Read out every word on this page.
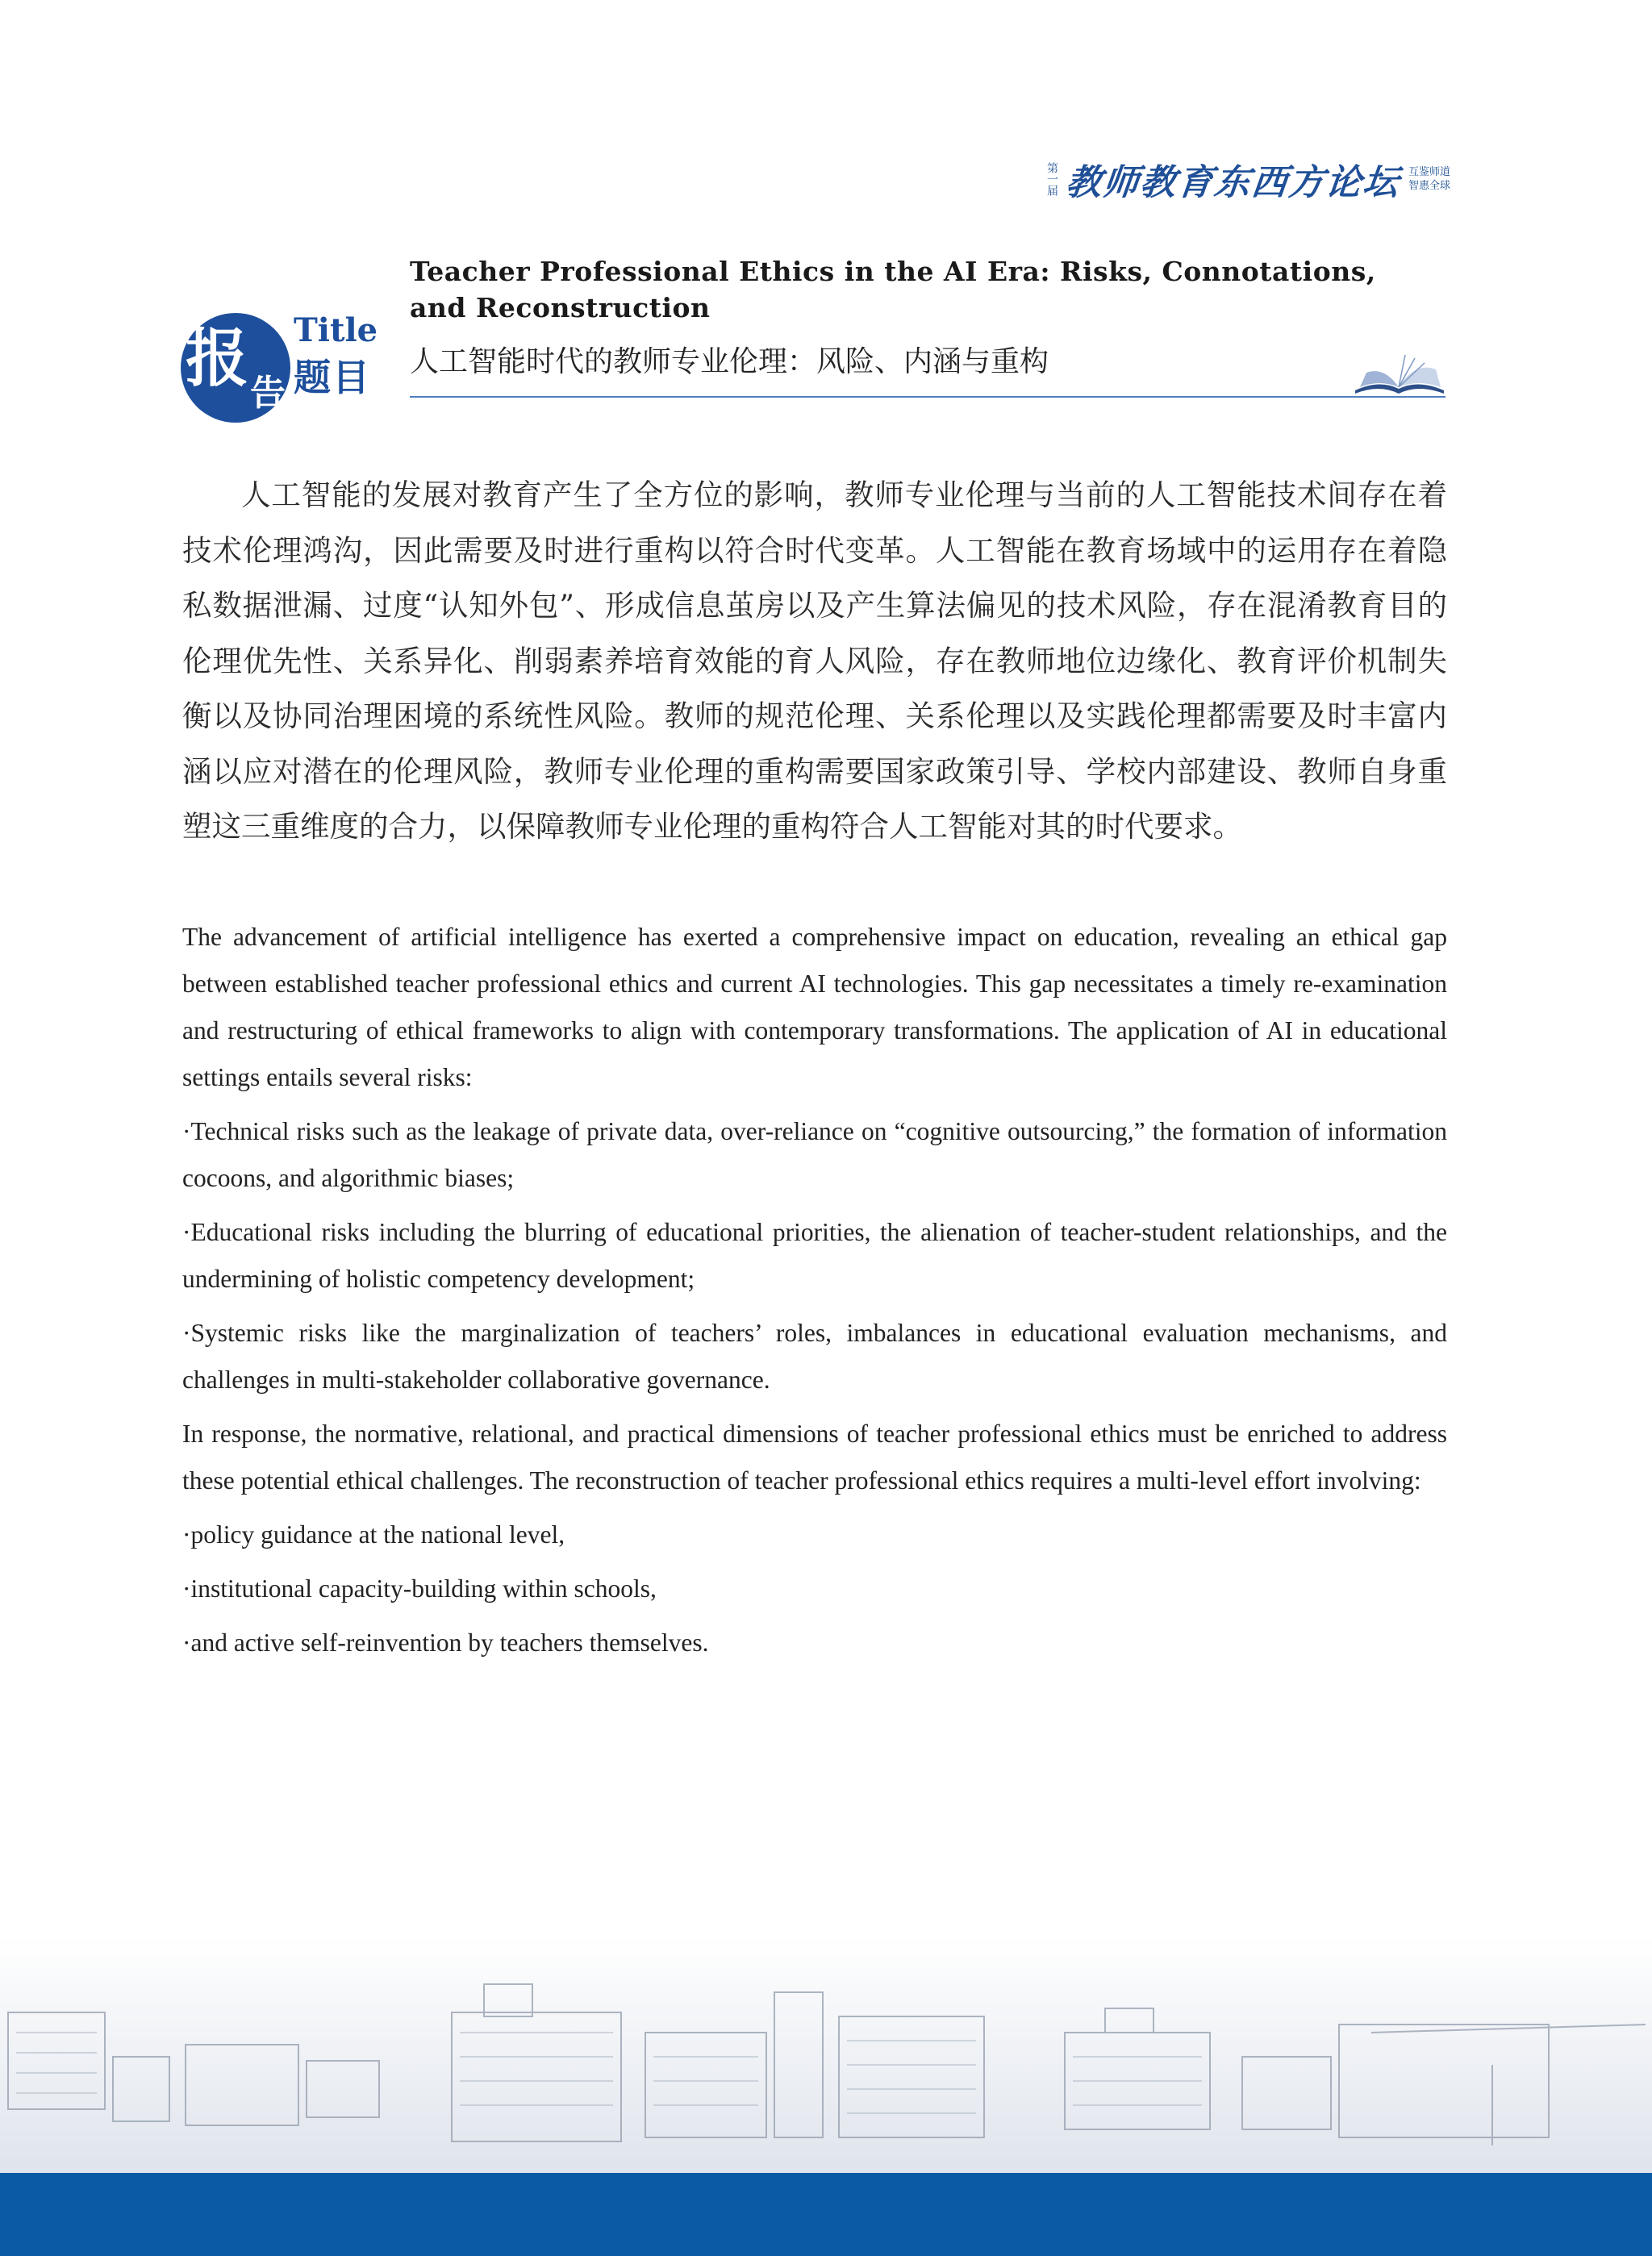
第一届 教师教育东西方论坛 互鉴师道
智惠全球
报 告
Title
题目
Teacher Professional Ethics in the AI Era: Risks, Connotations, and Reconstruction
人工智能时代的教师专业伦理：风险、内涵与重构

人工智能的发展对教育产生了全方位的影响，教师专业伦理与当前的人工智能技术间存在着技术伦理鸿沟，因此需要及时进行重构以符合时代变革。人工智能在教育场域中的运用存在着隐私数据泄漏、过度“认知外包”、形成信息茧房以及产生算法偏见的技术风险，存在混淆教育目的伦理优先性、关系异化、削弱素养培育效能的育人风险，存在教师地位边缘化、教育评价机制失衡以及协同治理困境的系统性风险。教师的规范伦理、关系伦理以及实践伦理都需要及时丰富内涵以应对潜在的伦理风险，教师专业伦理的重构需要国家政策引导、学校内部建设、教师自身重塑这三重维度的合力，以保障教师专业伦理的重构符合人工智能对其的时代要求。

The advancement of artificial intelligence has exerted a comprehensive impact on education, revealing an ethical gap between established teacher professional ethics and current AI technologies. This gap necessitates a timely re-examination and restructuring of ethical frameworks to align with contemporary transformations. The application of AI in educational settings entails several risks:

·Technical risks such as the leakage of private data, over-reliance on “cognitive outsourcing,” the formation of information cocoons, and algorithmic biases;

·Educational risks including the blurring of educational priorities, the alienation of teacher-student relationships, and the undermining of holistic competency development;

·Systemic risks like the marginalization of teachers’ roles, imbalances in educational evaluation mechanisms, and challenges in multi-stakeholder collaborative governance.

In response, the normative, relational, and practical dimensions of teacher professional ethics must be enriched to address these potential ethical challenges. The reconstruction of teacher professional ethics requires a multi-level effort involving:

·policy guidance at the national level,

·institutional capacity-building within schools,

·and active self-reinvention by teachers themselves.
